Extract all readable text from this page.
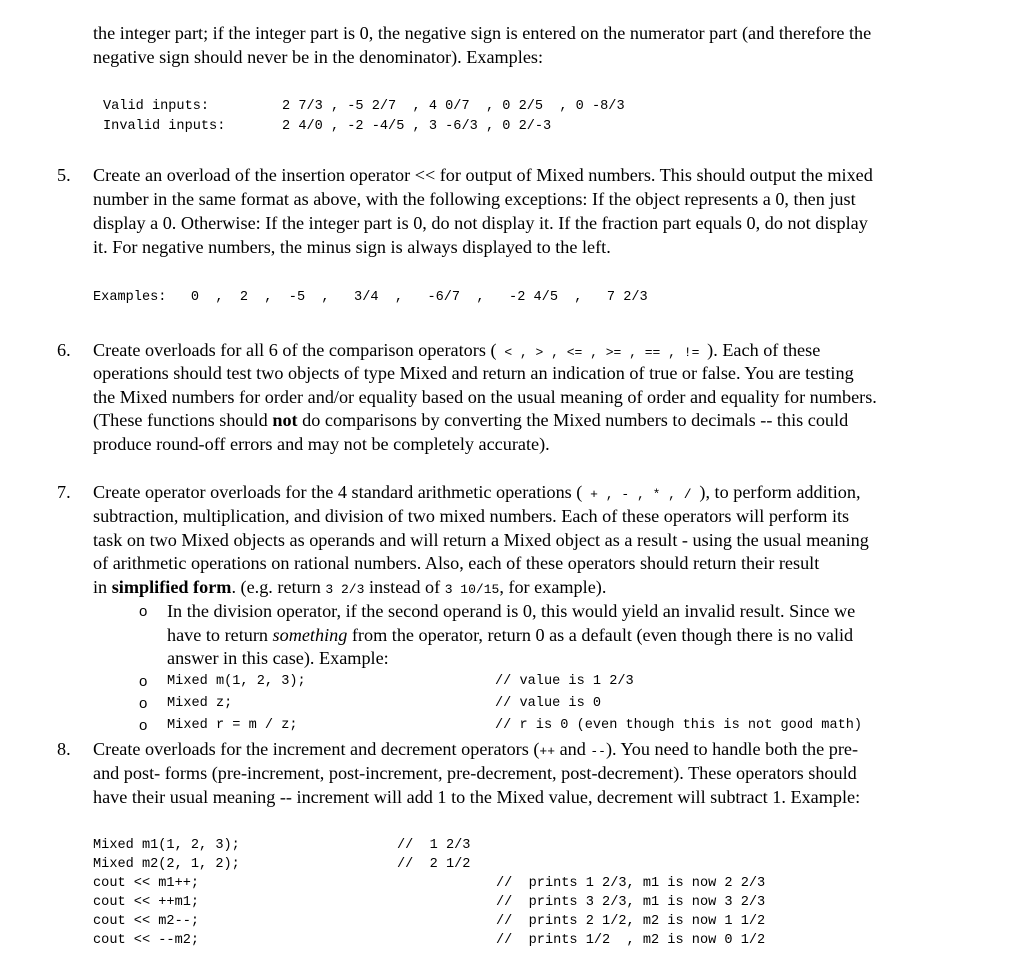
the integer part; if the integer part is 0, the negative sign is entered on the numerator part (and therefore the
negative sign should never be in the denominator). Examples:
Valid inputs:	2 7/3 , -5 2/7  , 4 0/7  , 0 2/5  , 0 -8/3
Invalid inputs:	2 4/0 , -2 -4/5 , 3 -6/3 , 0 2/-3
5. Create an overload of the insertion operator << for output of Mixed numbers. This should output the mixed
number in the same format as above, with the following exceptions: If the object represents a 0, then just
display a 0. Otherwise: If the integer part is 0, do not display it. If the fraction part equals 0, do not display
it. For negative numbers, the minus sign is always displayed to the left.
Examples:   0  ,  2  ,  -5  ,   3/4  ,   -6/7  ,   -2 4/5  ,   7 2/3
6. Create overloads for all 6 of the comparison operators ( < , > , <= , >= , == , != ). Each of these
operations should test two objects of type Mixed and return an indication of true or false. You are testing
the Mixed numbers for order and/or equality based on the usual meaning of order and equality for numbers.
(These functions should not do comparisons by converting the Mixed numbers to decimals -- this could
produce round-off errors and may not be completely accurate).
7. Create operator overloads for the 4 standard arithmetic operations ( + , - , * , / ), to perform addition,
subtraction, multiplication, and division of two mixed numbers. Each of these operators will perform its
task on two Mixed objects as operands and will return a Mixed object as a result - using the usual meaning
of arithmetic operations on rational numbers. Also, each of these operators should return their result
in simplified form. (e.g. return 3 2/3 instead of 3 10/15, for example).
o In the division operator, if the second operand is 0, this would yield an invalid result. Since we
have to return something from the operator, return 0 as a default (even though there is no valid
answer in this case). Example:
o Mixed m(1, 2, 3);	// value is 1 2/3
o Mixed z;	// value is 0
o Mixed r = m / z;	// r is 0 (even though this is not good math)
8. Create overloads for the increment and decrement operators (++ and --). You need to handle both the pre-
and post- forms (pre-increment, post-increment, pre-decrement, post-decrement). These operators should
have their usual meaning -- increment will add 1 to the Mixed value, decrement will subtract 1. Example:
Mixed m1(1, 2, 3);	//  1 2/3
Mixed m2(2, 1, 2);	//  2 1/2
cout << m1++;	//  prints 1 2/3, m1 is now 2 2/3
cout << ++m1;	//  prints 3 2/3, m1 is now 3 2/3
cout << m2--;	//  prints 2 1/2, m2 is now 1 1/2
cout << --m2;	//  prints 1/2  , m2 is now 0 1/2
